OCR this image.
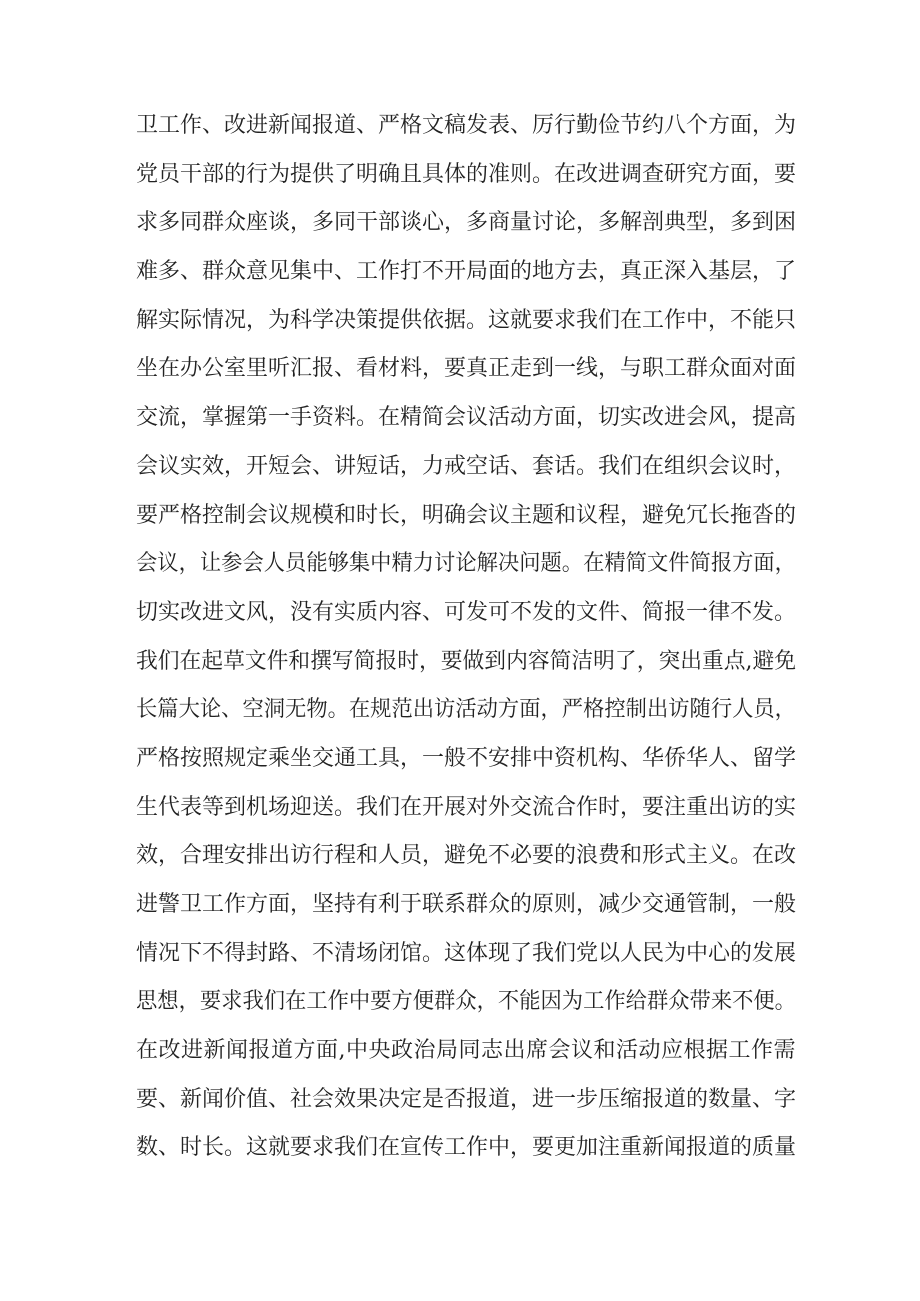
卫工作、改进新闻报道、严格文稿发表、厉行勤俭节约八个方面，为
党员干部的行为提供了明确且具体的准则。在改进调查研究方面，要
求多同群众座谈，多同干部谈心，多商量讨论，多解剖典型，多到困
难多、群众意见集中、工作打不开局面的地方去，真正深入基层，了
解实际情况，为科学决策提供依据。这就要求我们在工作中，不能只
坐在办公室里听汇报、看材料，要真正走到一线，与职工群众面对面
交流，掌握第一手资料。在精简会议活动方面，切实改进会风，提高
会议实效，开短会、讲短话，力戒空话、套话。我们在组织会议时，
要严格控制会议规模和时长，明确会议主题和议程，避免冗长拖沓的
会议，让参会人员能够集中精力讨论解决问题。在精简文件简报方面，
切实改进文风，没有实质内容、可发可不发的文件、简报一律不发。
我们在起草文件和撰写简报时，要做到内容简洁明了，突出重点,避免
长篇大论、空洞无物。在规范出访活动方面，严格控制出访随行人员，
严格按照规定乘坐交通工具，一般不安排中资机构、华侨华人、留学
生代表等到机场迎送。我们在开展对外交流合作时，要注重出访的实
效，合理安排出访行程和人员，避免不必要的浪费和形式主义。在改
进警卫工作方面，坚持有利于联系群众的原则，减少交通管制，一般
情况下不得封路、不清场闭馆。这体现了我们党以人民为中心的发展
思想，要求我们在工作中要方便群众，不能因为工作给群众带来不便。
在改进新闻报道方面,中央政治局同志出席会议和活动应根据工作需
要、新闻价值、社会效果决定是否报道，进一步压缩报道的数量、字
数、时长。这就要求我们在宣传工作中，要更加注重新闻报道的质量
